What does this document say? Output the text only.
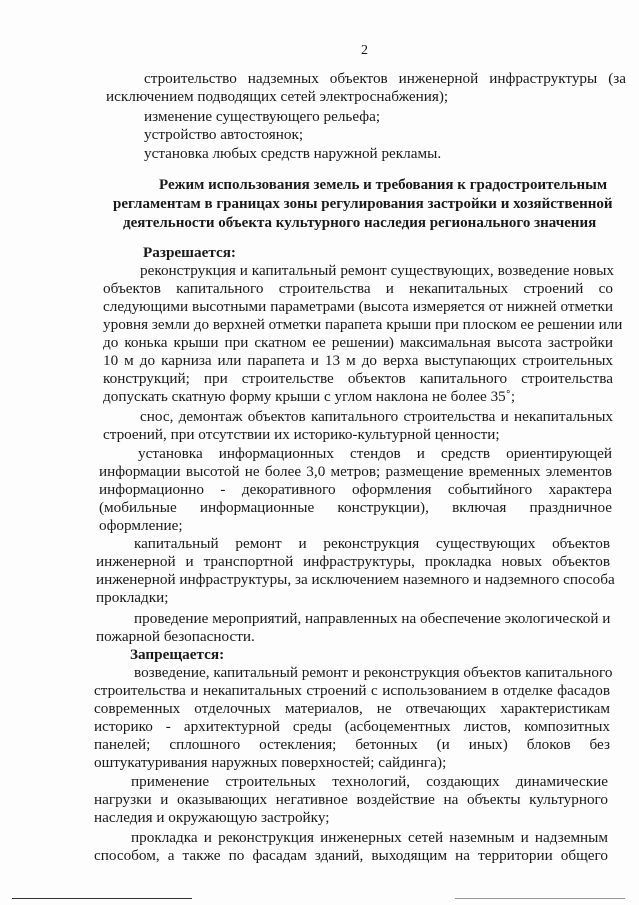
2
строительство надземных объектов инженерной инфраструктуры (за
исключением подводящих сетей электроснабжения);
изменение существующего рельефа;
устройство автостоянок;
установка любых средств наружной рекламы.
Режим использования земель и требования к градостроительным
регламентам в границах зоны регулирования застройки и хозяйственной
деятельности объекта культурного наследия регионального значения
Разрешается:
реконструкция и капитальный ремонт существующих, возведение новых
объектов капитального строительства и некапитальных строений со
следующими высотными параметрами (высота измеряется от нижней отметки
уровня земли до верхней отметки парапета крыши при плоском ее решении или
до конька крыши при скатном ее решении) максимальная высота застройки
10 м до карниза или парапета и 13 м до верха выступающих строительных
конструкций; при строительстве объектов капитального строительства
допускать скатную форму крыши с углом наклона не более 35˚;
снос, демонтаж объектов капитального строительства и некапитальных
строений, при отсутствии их историко-культурной ценности;
установка информационных стендов и средств ориентирующей
информации высотой не более 3,0 метров; размещение временных элементов
информационно - декоративного оформления событийного характера
(мобильные информационные конструкции), включая праздничное
оформление;
капитальный ремонт и реконструкция существующих объектов
инженерной и транспортной инфраструктуры, прокладка новых объектов
инженерной инфраструктуры, за исключением наземного и надземного способа
прокладки;
проведение мероприятий, направленных на обеспечение экологической и
пожарной безопасности.
Запрещается:
возведение, капитальный ремонт и реконструкция объектов капитального
строительства и некапитальных строений с использованием в отделке фасадов
современных отделочных материалов, не отвечающих характеристикам
историко - архитектурной среды (асбоцементных листов, композитных
панелей; сплошного остекления; бетонных (и иных) блоков без
оштукатуривания наружных поверхностей; сайдинга);
применение строительных технологий, создающих динамические
нагрузки и оказывающих негативное воздействие на объекты культурного
наследия и окружающую застройку;
прокладка и реконструкция инженерных сетей наземным и надземным
способом, а также по фасадам зданий, выходящим на территории общего
